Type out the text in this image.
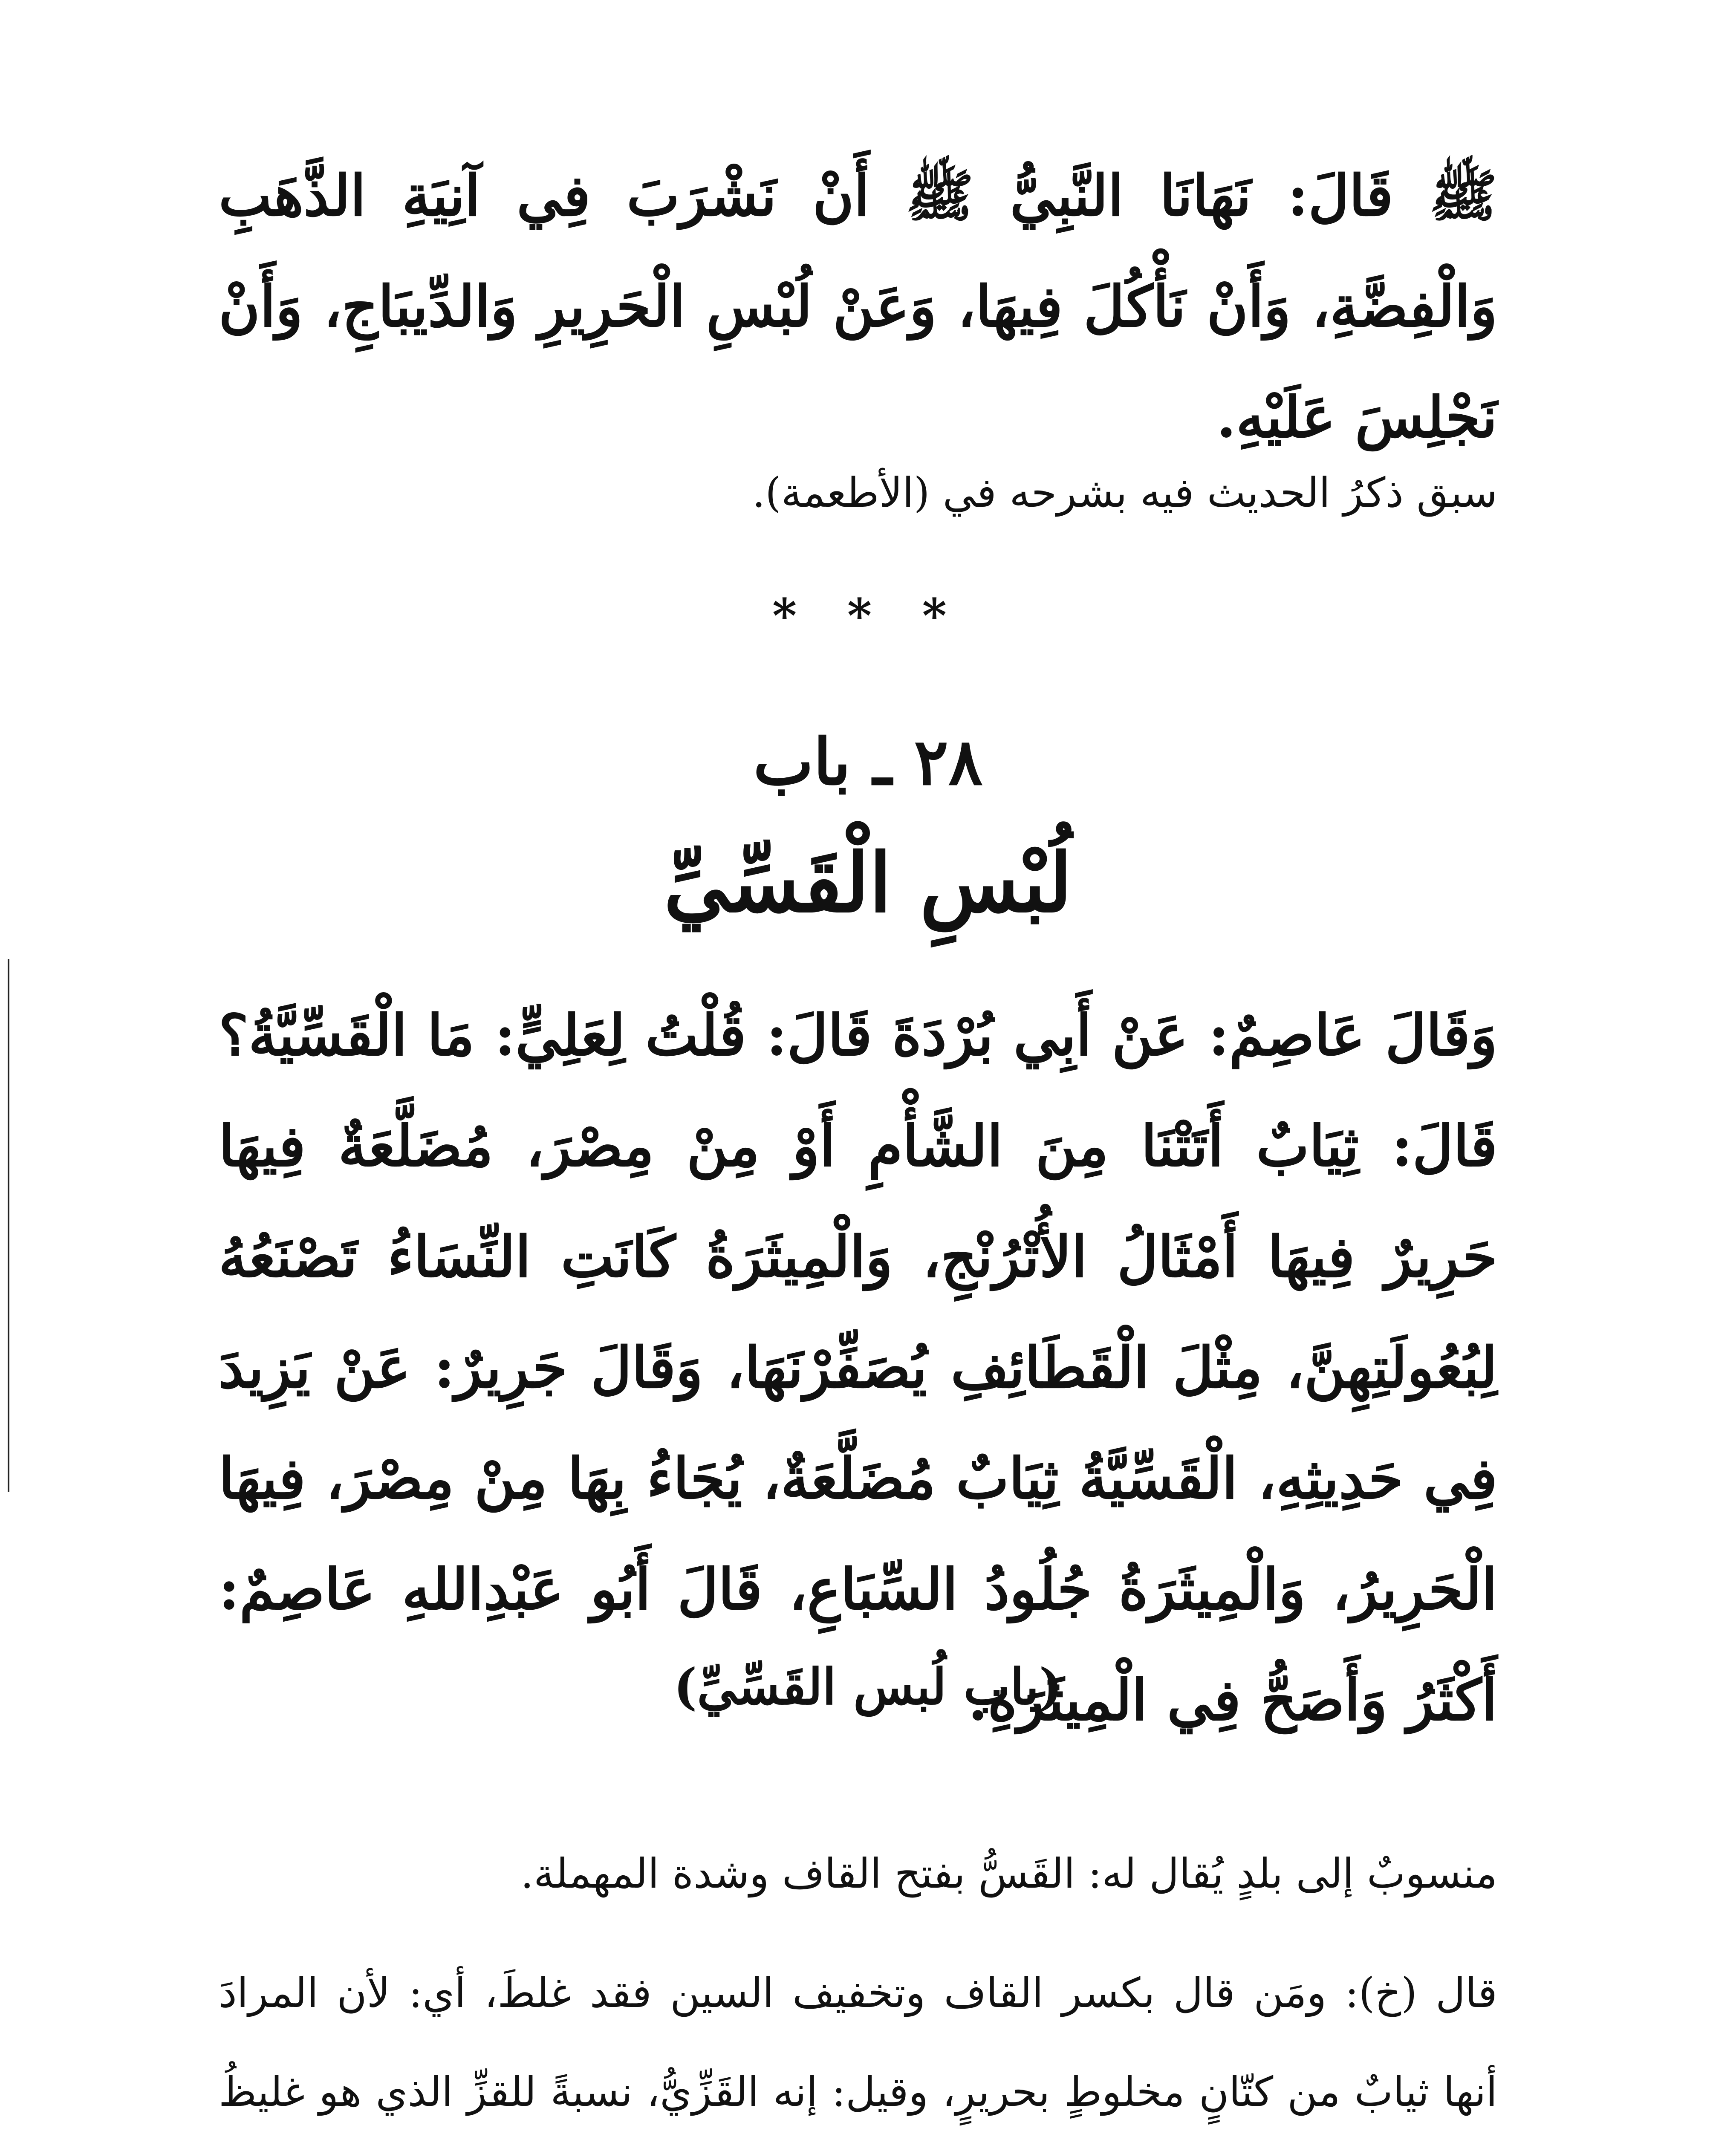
ﷺ قَالَ: نَهَانَا النَّبِيُّ ﷺ أَنْ نَشْرَبَ فِي آنِيَةِ الذَّهَبِ وَالْفِضَّةِ، وَأَنْ نَأْكُلَ فِيهَا، وَعَنْ لُبْسِ الْحَرِيرِ وَالدِّيبَاجِ، وَأَنْ نَجْلِسَ عَلَيْهِ.

سبق ذكرُ الحديث فيه بشرحه في (الأطعمة).

* * *
٢٨ ـ باب
لُبْسِ الْقَسِّيِّ

وَقَالَ عَاصِمٌ: عَنْ أَبِي بُرْدَةَ قَالَ: قُلْتُ لِعَلِيٍّ: مَا الْقَسِّيَّةُ؟ قَالَ: ثِيَابٌ أَتَتْنَا مِنَ الشَّأْمِ أَوْ مِنْ مِصْرَ، مُضَلَّعَةٌ فِيهَا حَرِيرٌ فِيهَا أَمْثَالُ الأُتْرُنْجِ، وَالْمِيثَرَةُ كَانَتِ النِّسَاءُ تَصْنَعُهُ لِبُعُولَتِهِنَّ، مِثْلَ الْقَطَائِفِ يُصَفِّرْنَهَا، وَقَالَ جَرِيرٌ: عَنْ يَزِيدَ فِي حَدِيثِهِ، الْقَسِّيَّةُ ثِيَابٌ مُضَلَّعَةٌ، يُجَاءُ بِهَا مِنْ مِصْرَ، فِيهَا الْحَرِيرُ، وَالْمِيثَرَةُ جُلُودُ السِّبَاعِ، قَالَ أَبُو عَبْدِاللهِ عَاصِمٌ: أَكْثَرُ وَأَصَحُّ فِي الْمِيثَرَةِ.

(باب لُبس القَسِّيِّ)

منسوبٌ إلى بلدٍ يُقال له: القَسُّ بفتح القاف وشدة المهملة.

قال (خ): ومَن قال بكسر القاف وتخفيف السين فقد غلطَ، أي: لأن المرادَ أنها ثيابٌ من كتّانٍ مخلوطٍ بحريرٍ، وقيل: إنه القَزِّيُّ، نسبةً للقزِّ الذي هو غليظُ
